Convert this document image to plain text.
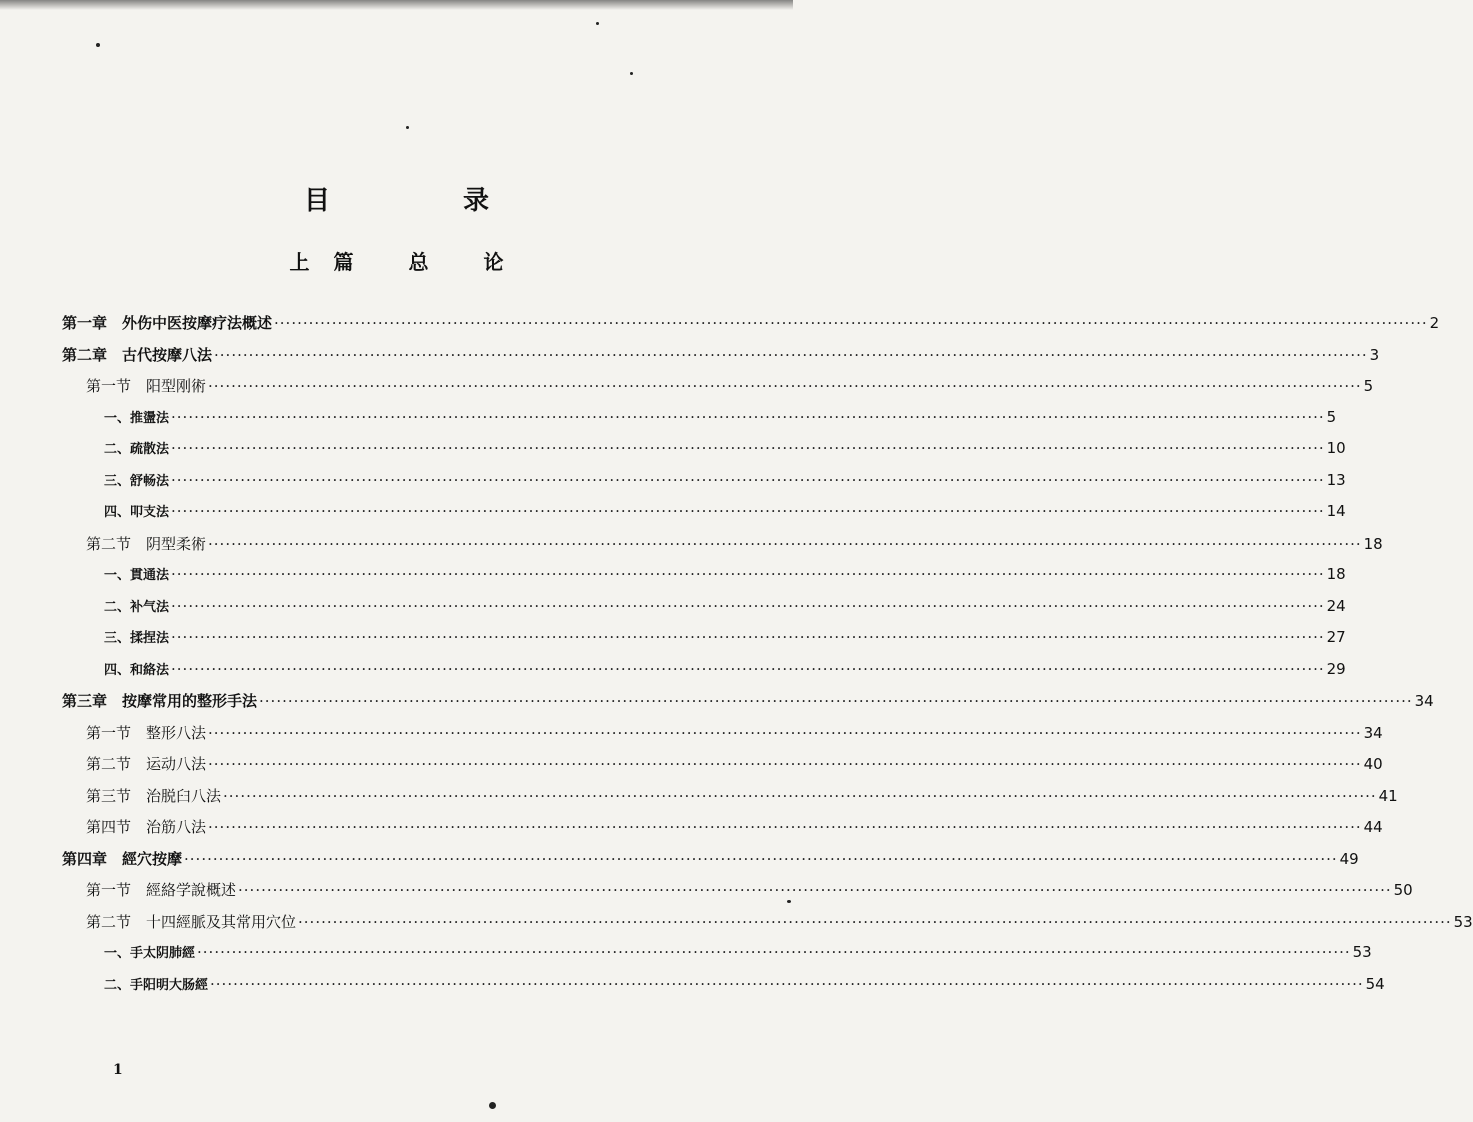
目 录
上篇 总 论
第一章　外伤中医按摩疗法概述 ········································································································································································································ 2
第二章　古代按摩八法 ········································································································································································································ 3
第一节　阳型刚術 ········································································································································································································ 5
一、推盪法 ········································································································································································································ 5
二、疏散法 ········································································································································································································ 10
三、舒畅法 ········································································································································································································ 13
四、叩支法 ········································································································································································································ 14
第二节　阴型柔術 ········································································································································································································ 18
一、貫通法 ········································································································································································································ 18
二、补气法 ········································································································································································································ 24
三、揉捏法 ········································································································································································································ 27
四、和絡法 ········································································································································································································ 29
第三章　按摩常用的整形手法 ········································································································································································································ 34
第一节　整形八法 ········································································································································································································ 34
第二节　运动八法 ········································································································································································································ 40
第三节　治脱臼八法 ········································································································································································································ 41
第四节　治筋八法 ········································································································································································································ 44
第四章　經穴按摩 ········································································································································································································ 49
第一节　經絡学說概述 ········································································································································································································ 50
第二节　十四經脈及其常用穴位 ········································································································································································································ 53
一、手太阴肺經 ········································································································································································································ 53
二、手阳明大肠經 ········································································································································································································ 54
1
